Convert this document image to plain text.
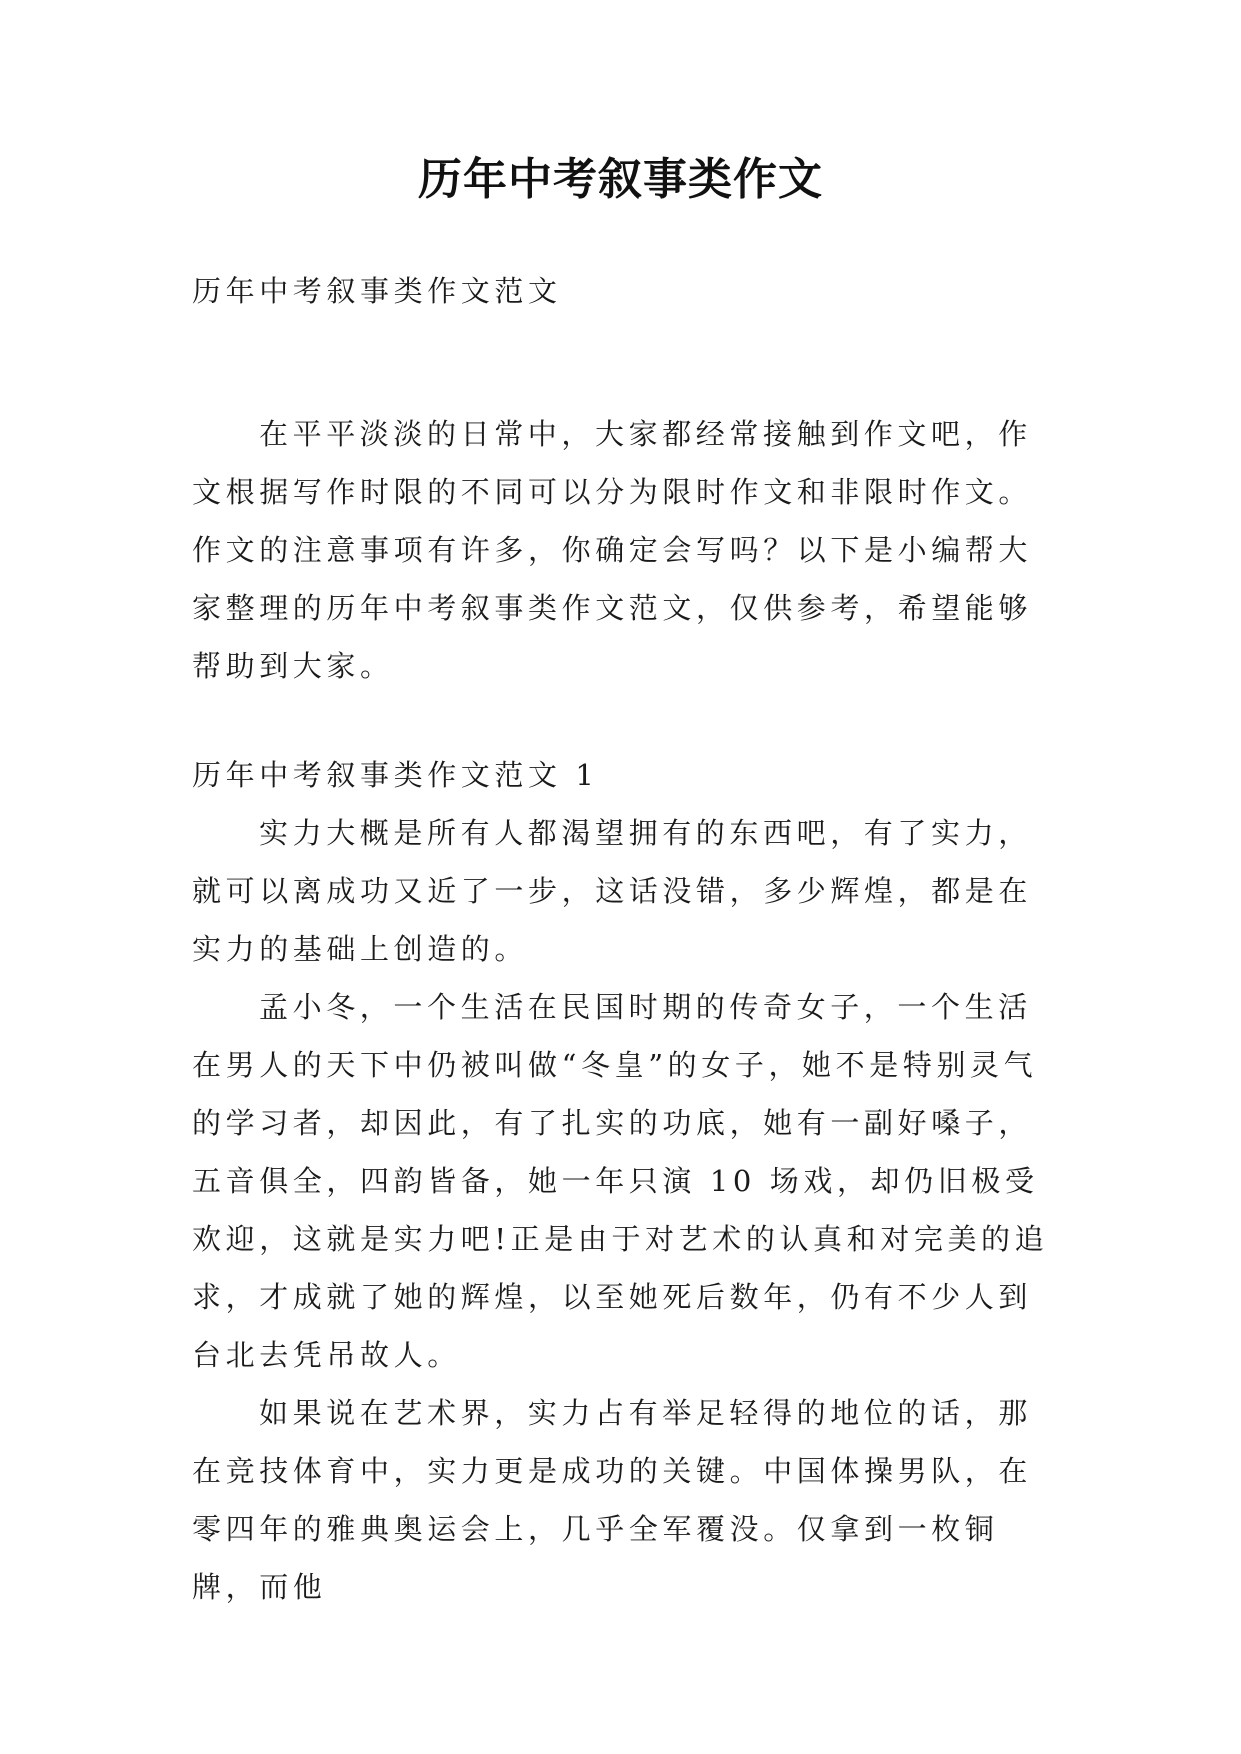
历年中考叙事类作文

历年中考叙事类作文范文

在平平淡淡的日常中，大家都经常接触到作文吧，作文根据写作时限的不同可以分为限时作文和非限时作文。作文的注意事项有许多，你确定会写吗？以下是小编帮大家整理的历年中考叙事类作文范文，仅供参考，希望能够帮助到大家。

历年中考叙事类作文范文 1

实力大概是所有人都渴望拥有的东西吧，有了实力，就可以离成功又近了一步，这话没错，多少辉煌，都是在实力的基础上创造的。

孟小冬，一个生活在民国时期的传奇女子，一个生活在男人的天下中仍被叫做“冬皇”的女子，她不是特别灵气的学习者，却因此，有了扎实的功底，她有一副好嗓子，五音俱全，四韵皆备，她一年只演 10 场戏，却仍旧极受欢迎，这就是实力吧!正是由于对艺术的认真和对完美的追求，才成就了她的辉煌，以至她死后数年，仍有不少人到台北去凭吊故人。

如果说在艺术界，实力占有举足轻得的地位的话，那在竞技体育中，实力更是成功的关键。中国体操男队，在零四年的雅典奥运会上，几乎全军覆没。仅拿到一枚铜牌，而他
